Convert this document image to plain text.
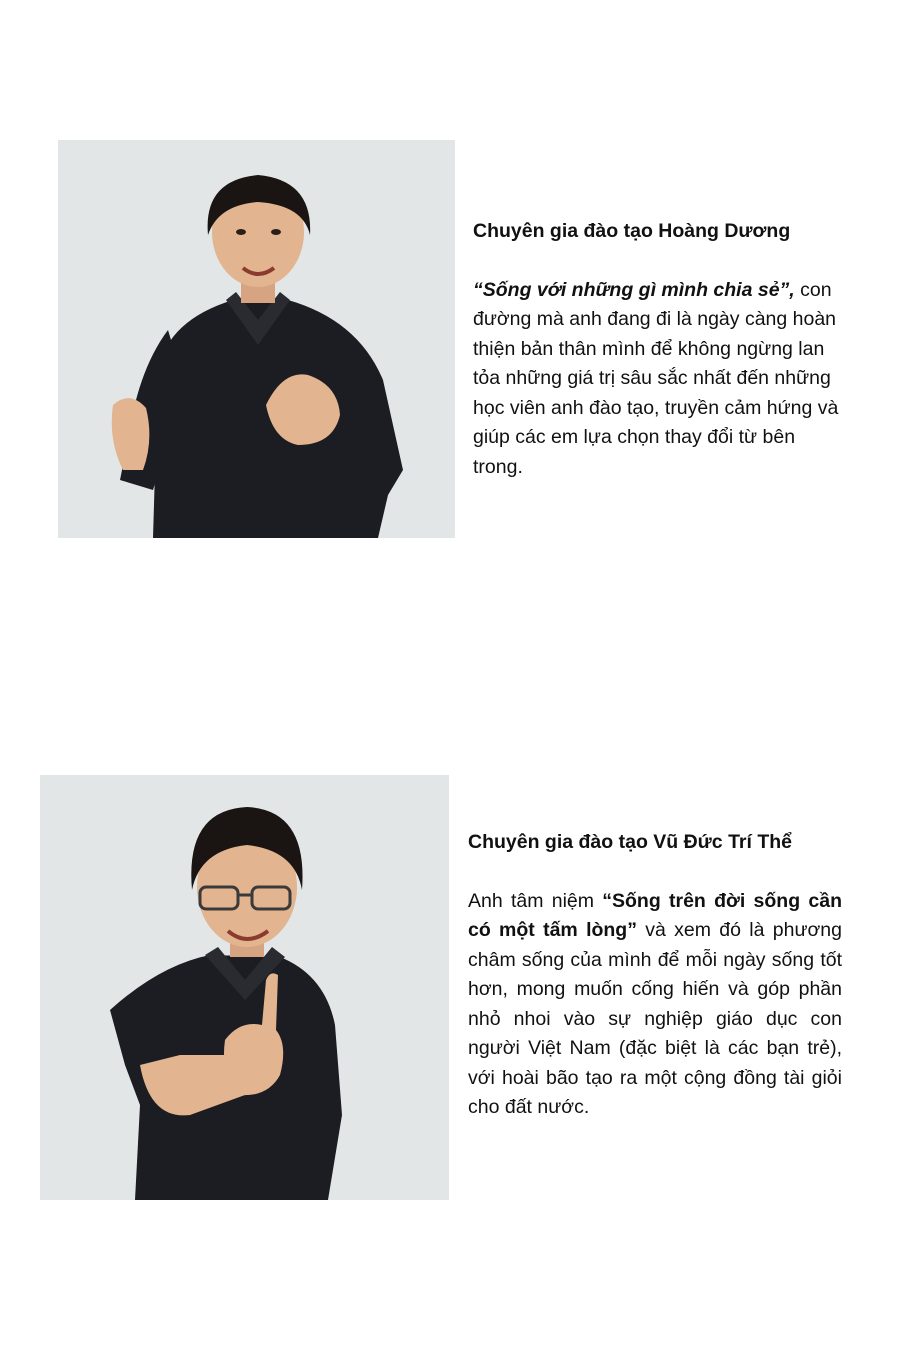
Chuyên gia đào tạo Hoàng Dương

“Sống với những gì mình chia sẻ”, con đường mà anh đang đi là ngày càng hoàn thiện bản thân mình để không ngừng lan tỏa những giá trị sâu sắc nhất đến những học viên anh đào tạo, truyền cảm hứng và giúp các em lựa chọn thay đổi từ bên trong.

Chuyên gia đào tạo Vũ Đức Trí Thể

Anh tâm niệm “Sống trên đời sống cần có một tấm lòng” và xem đó là phương châm sống của mình để mỗi ngày sống tốt hơn, mong muốn cống hiến và góp phần nhỏ nhoi vào sự nghiệp giáo dục con người Việt Nam (đặc biệt là các bạn trẻ), với hoài bão tạo ra một cộng đồng tài giỏi cho đất nước.
